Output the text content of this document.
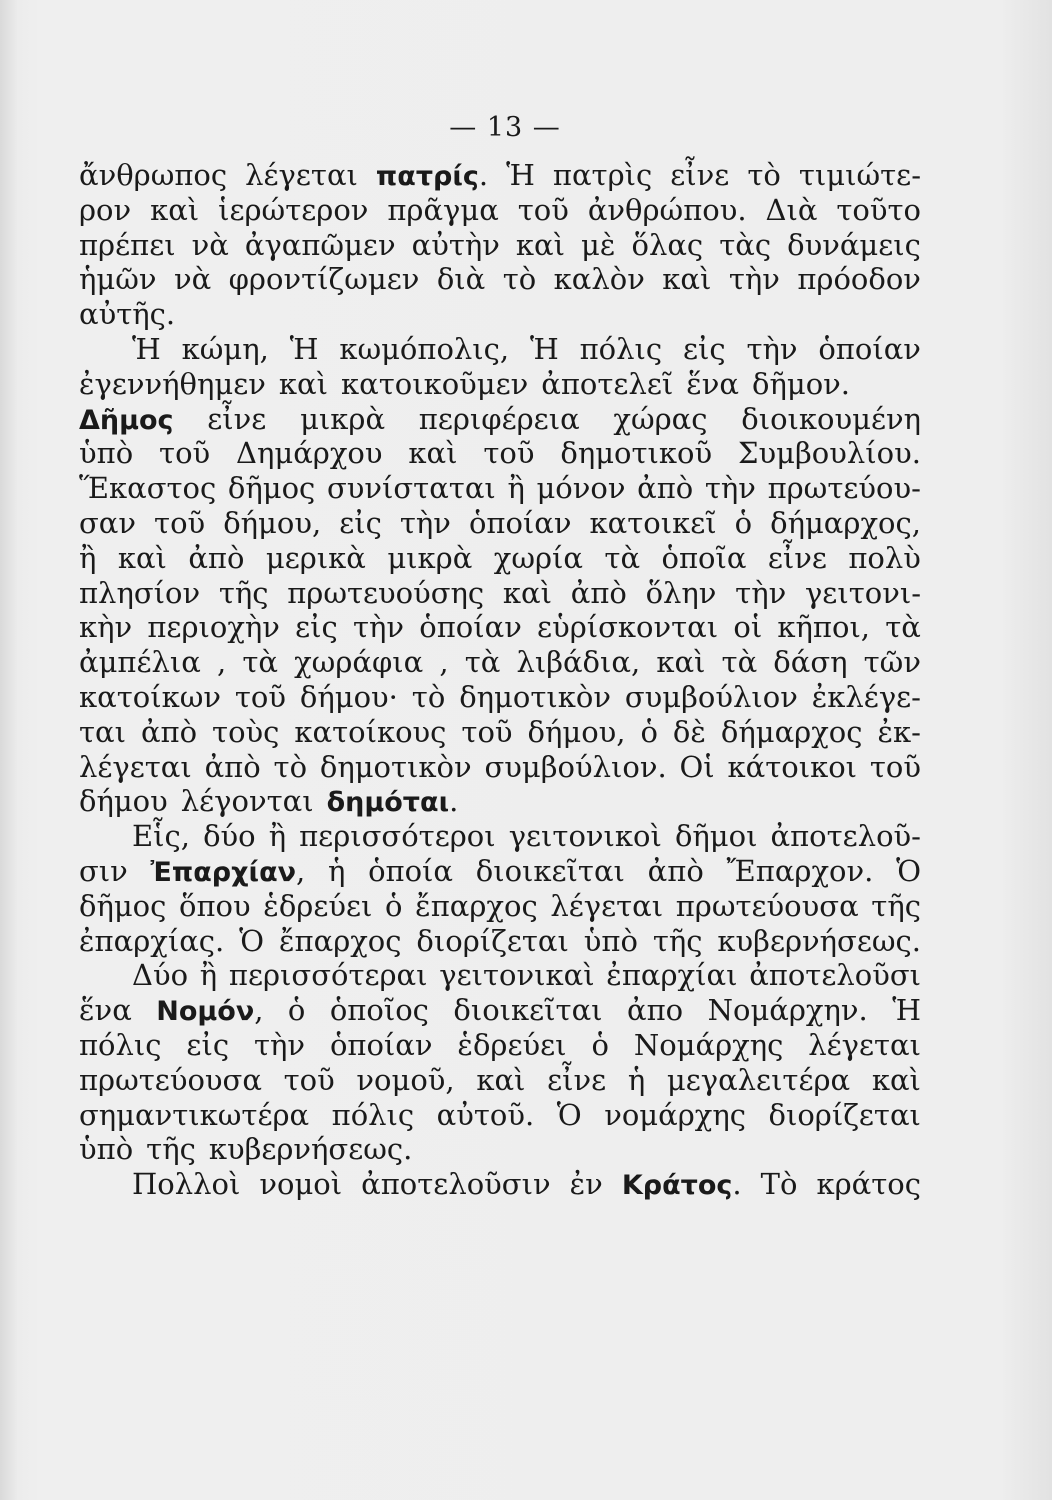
— 13 —
ἄνθρωπος λέγεται πατρίς. Ἡ πατρὶς εἶνε τὸ τιμιώτε-
ρον καὶ ἱερώτερον πρᾶγμα τοῦ ἀνθρώπου. Διὰ τοῦτο
πρέπει νὰ ἀγαπῶμεν αὐτὴν καὶ μὲ ὅλας τὰς δυνάμεις
ἡμῶν νὰ φροντίζωμεν διὰ τὸ καλὸν καὶ τὴν πρόοδον
αὐτῆς.
Ἡ κώμη, Ἡ κωμόπολις, Ἡ πόλις εἰς τὴν ὁποίαν
ἐγεννήθημεν καὶ κατοικοῦμεν ἀποτελεῖ ἕνα δῆμον.
Δῆμος εἶνε μικρὰ περιφέρεια χώρας διοικουμένη
ὑπὸ τοῦ Δημάρχου καὶ τοῦ δημοτικοῦ Συμβουλίου.
Ἕκαστος δῆμος συνίσταται ἢ μόνον ἀπὸ τὴν πρωτεύου-
σαν τοῦ δήμου, εἰς τὴν ὁποίαν κατοικεῖ ὁ δήμαρχος,
ἢ καὶ ἀπὸ μερικὰ μικρὰ χωρία τὰ ὁποῖα εἶνε πολὺ
πλησίον τῆς πρωτευούσης καὶ ἀπὸ ὅλην τὴν γειτονι-
κὴν περιοχὴν εἰς τὴν ὁποίαν εὑρίσκονται οἱ κῆποι, τὰ
ἀμπέλια , τὰ χωράφια , τὰ λιβάδια, καὶ τὰ δάση τῶν
κατοίκων τοῦ δήμου· τὸ δημοτικὸν συμβούλιον ἐκλέγε-
ται ἀπὸ τοὺς κατοίκους τοῦ δήμου, ὁ δὲ δήμαρχος ἐκ-
λέγεται ἀπὸ τὸ δημοτικὸν συμβούλιον. Οἱ κάτοικοι τοῦ
δήμου λέγονται δημόται.
Εἷς, δύο ἢ περισσότεροι γειτονικοὶ δῆμοι ἀποτελοῦ-
σιν Ἐπαρχίαν, ἡ ὁποία διοικεῖται ἀπὸ Ἔπαρχον. Ὁ
δῆμος ὅπου ἑδρεύει ὁ ἔπαρχος λέγεται πρωτεύουσα τῆς
ἐπαρχίας. Ὁ ἔπαρχος διορίζεται ὑπὸ τῆς κυβερνήσεως.
Δύο ἢ περισσότεραι γειτονικαὶ ἐπαρχίαι ἀποτελοῦσι
ἕνα Νομόν, ὁ ὁποῖος διοικεῖται ἀπο Νομάρχην. Ἡ
πόλις εἰς τὴν ὁποίαν ἑδρεύει ὁ Νομάρχης λέγεται
πρωτεύουσα τοῦ νομοῦ, καὶ εἶνε ἡ μεγαλειτέρα καὶ
σημαντικωτέρα πόλις αὐτοῦ. Ὁ νομάρχης διορίζεται
ὑπὸ τῆς κυβερνήσεως.
Πολλοὶ νομοὶ ἀποτελοῦσιν ἐν Κράτος. Τὸ κράτος
